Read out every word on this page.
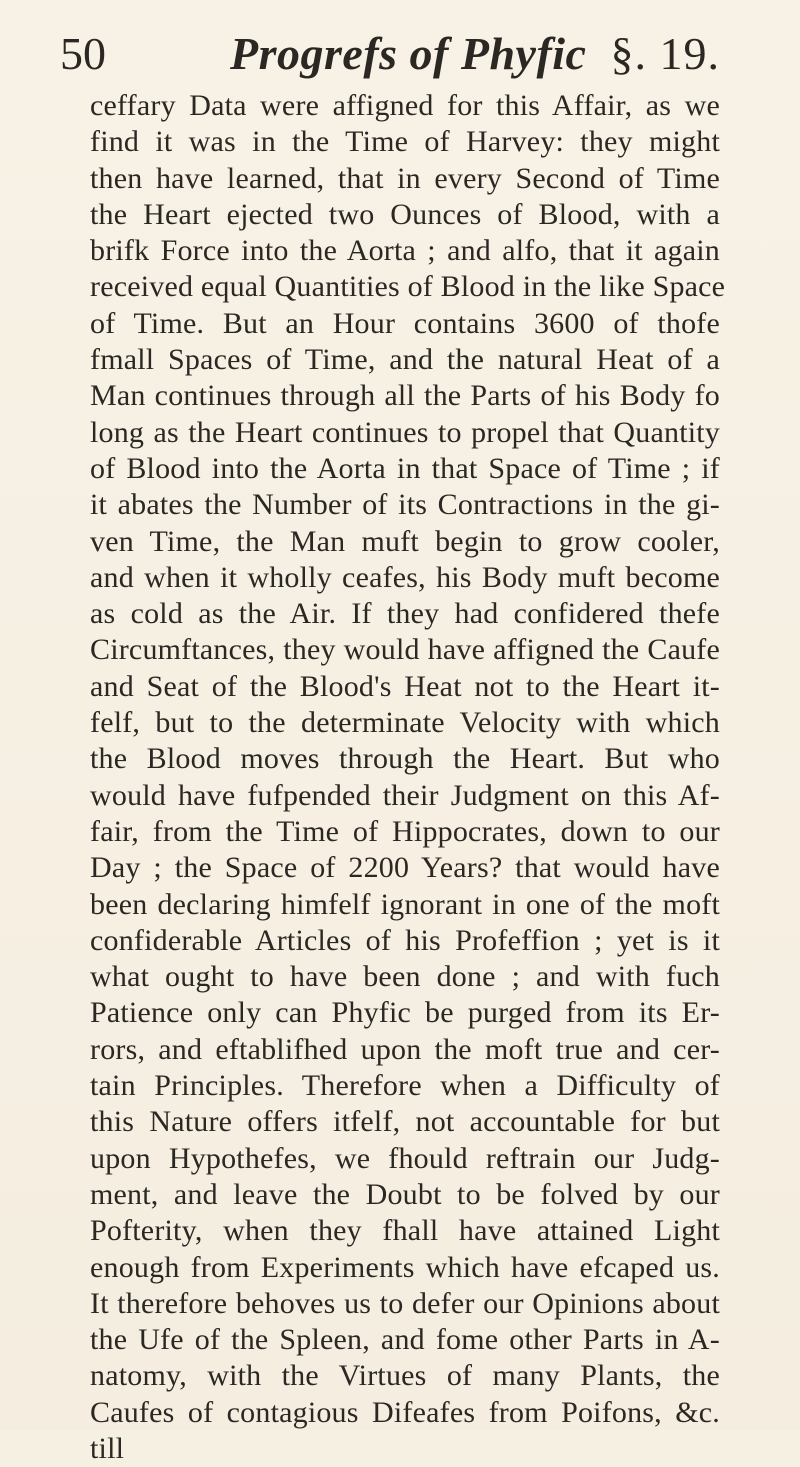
50	Progrefs of Phyfic §. 19.
ceffary Data were affigned for this Affair, as we
find it was in the Time of Harvey: they might
then have learned, that in every Second of Time
the Heart ejected two Ounces of Blood, with a
brifk Force into the Aorta ; and alfo, that it again
received equal Quantities of Blood in the like Space
of Time. But an Hour contains 3600 of thofe
fmall Spaces of Time, and the natural Heat of a
Man continues through all the Parts of his Body fo
long as the Heart continues to propel that Quantity
of Blood into the Aorta in that Space of Time ; if
it abates the Number of its Contractions in the gi-
ven Time, the Man muft begin to grow cooler,
and when it wholly ceafes, his Body muft become
as cold as the Air. If they had confidered thefe
Circumftances, they would have affigned the Caufe
and Seat of the Blood's Heat not to the Heart it-
felf, but to the determinate Velocity with which
the Blood moves through the Heart. But who
would have fufpended their Judgment on this Af-
fair, from the Time of Hippocrates, down to our
Day ; the Space of 2200 Years? that would have
been declaring himfelf ignorant in one of the moft
confiderable Articles of his Profeffion ; yet is it
what ought to have been done ; and with fuch
Patience only can Phyfic be purged from its Er-
rors, and eftablifhed upon the moft true and cer-
tain Principles. Therefore when a Difficulty of
this Nature offers itfelf, not accountable for but
upon Hypothefes, we fhould reftrain our Judg-
ment, and leave the Doubt to be folved by our
Pofterity, when they fhall have attained Light
enough from Experiments which have efcaped us.
It therefore behoves us to defer our Opinions about
the Ufe of the Spleen, and fome other Parts in A-
natomy, with the Virtues of many Plants, the
Caufes of contagious Difeafes from Poifons, &c.
till
